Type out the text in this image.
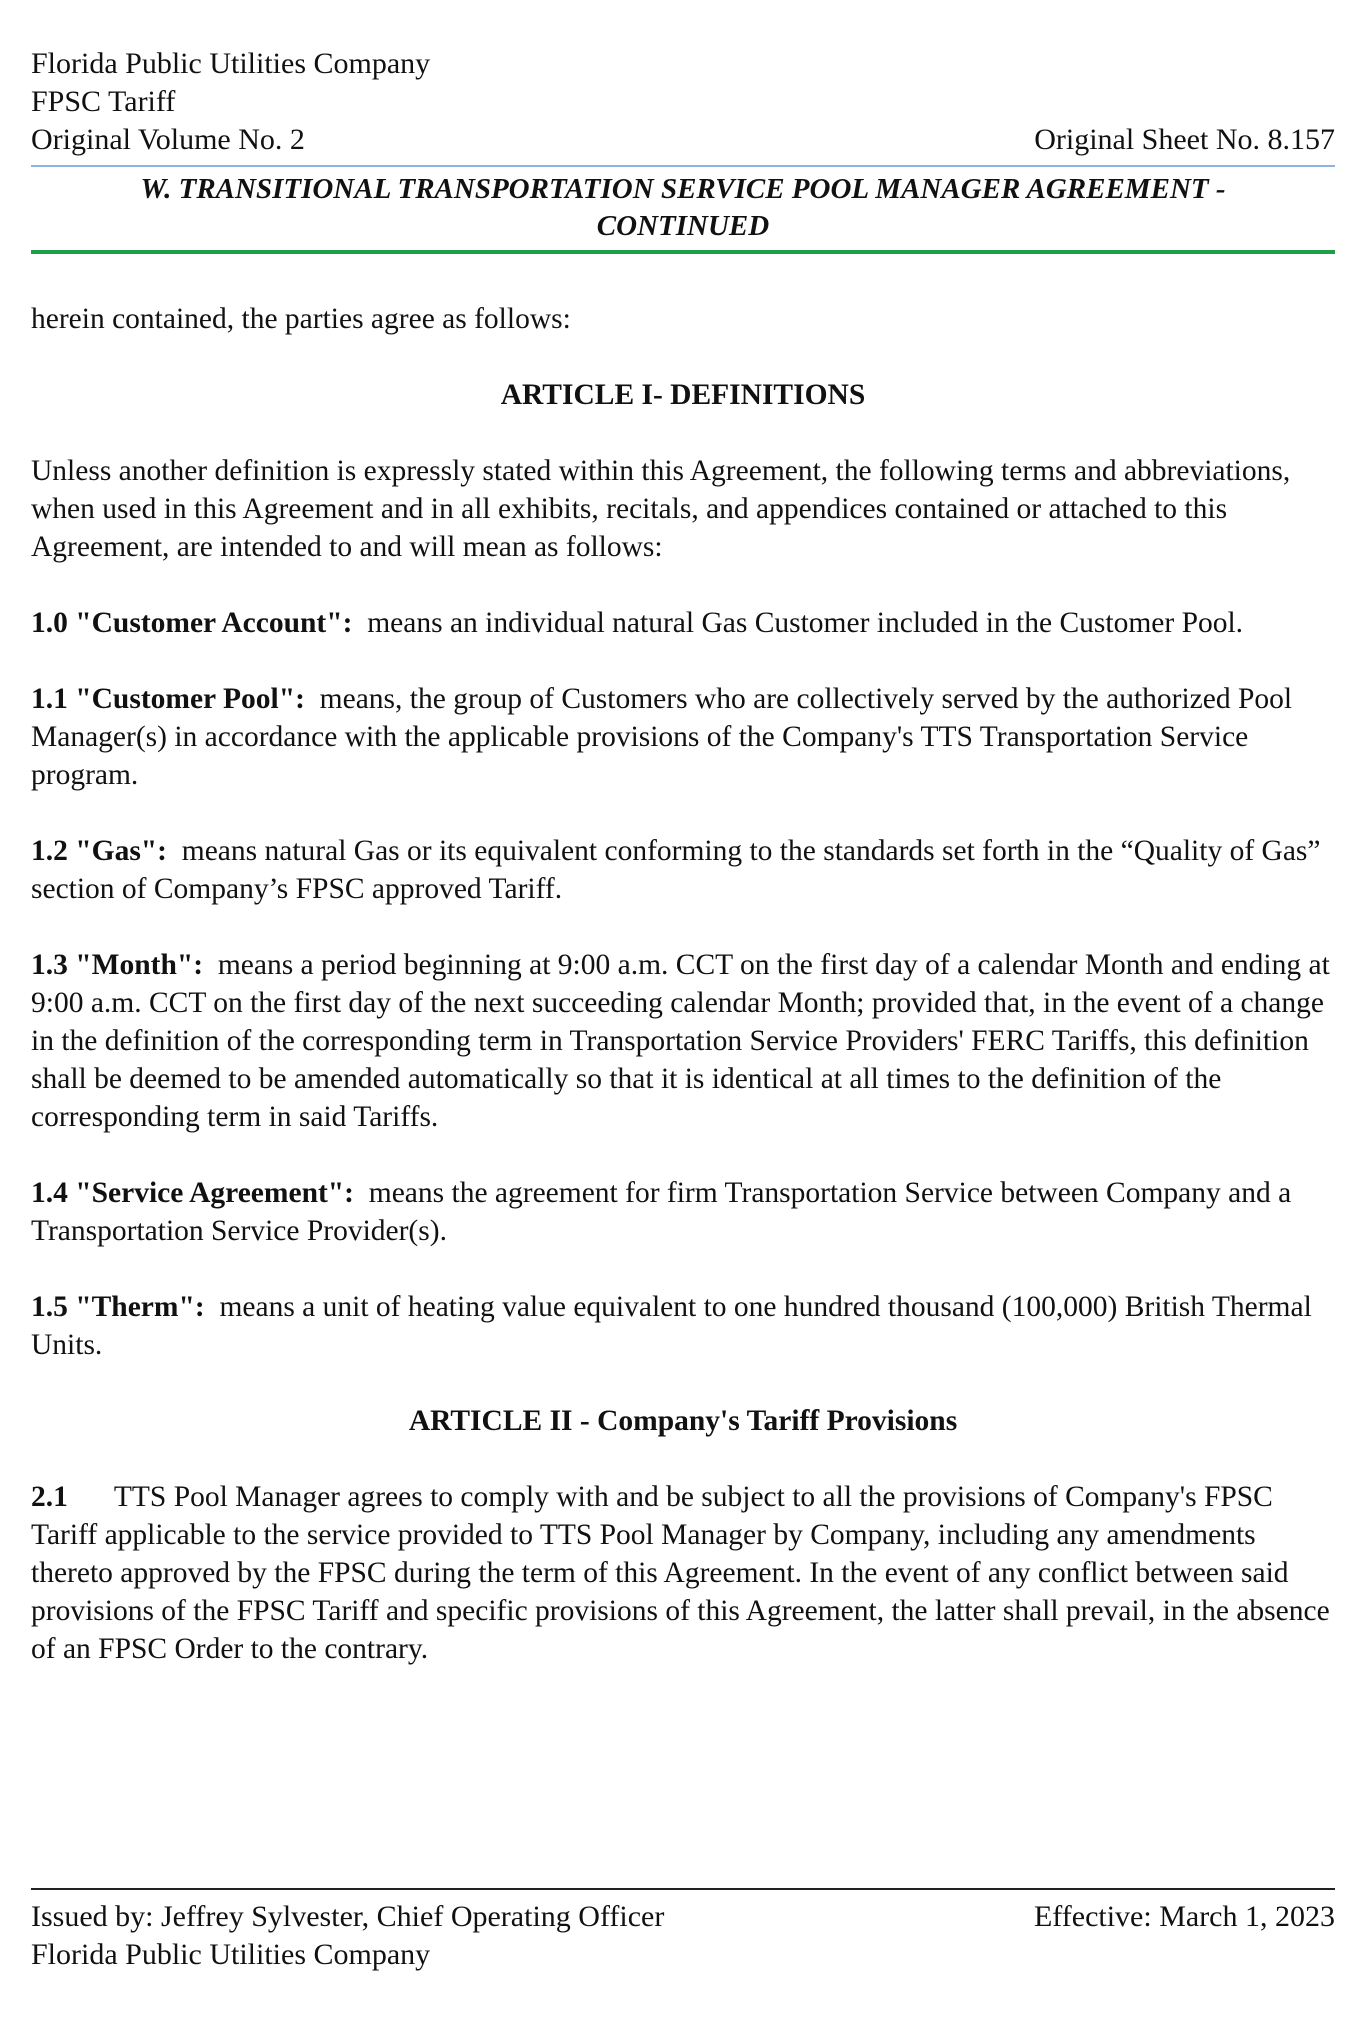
Florida Public Utilities Company
FPSC Tariff
Original Volume No. 2	Original Sheet No. 8.157
W. TRANSITIONAL TRANSPORTATION SERVICE POOL MANAGER AGREEMENT -
CONTINUED

herein contained, the parties agree as follows:

ARTICLE I- DEFINITIONS

Unless another definition is expressly stated within this Agreement, the following terms and abbreviations, when used in this Agreement and in all exhibits, recitals, and appendices contained or attached to this Agreement, are intended to and will mean as follows:

1.0 "Customer Account": means an individual natural Gas Customer included in the Customer Pool.

1.1 "Customer Pool": means, the group of Customers who are collectively served by the authorized Pool Manager(s) in accordance with the applicable provisions of the Company's TTS Transportation Service program.

1.2 "Gas": means natural Gas or its equivalent conforming to the standards set forth in the “Quality of Gas” section of Company’s FPSC approved Tariff.

1.3 "Month": means a period beginning at 9:00 a.m. CCT on the first day of a calendar Month and ending at 9:00 a.m. CCT on the first day of the next succeeding calendar Month; provided that, in the event of a change in the definition of the corresponding term in Transportation Service Providers' FERC Tariffs, this definition shall be deemed to be amended automatically so that it is identical at all times to the definition of the corresponding term in said Tariffs.

1.4 "Service Agreement": means the agreement for firm Transportation Service between Company and a Transportation Service Provider(s).

1.5 "Therm": means a unit of heating value equivalent to one hundred thousand (100,000) British Thermal Units.

ARTICLE II - Company's Tariff Provisions

2.1 TTS Pool Manager agrees to comply with and be subject to all the provisions of Company's FPSC Tariff applicable to the service provided to TTS Pool Manager by Company, including any amendments thereto approved by the FPSC during the term of this Agreement. In the event of any conflict between said provisions of the FPSC Tariff and specific provisions of this Agreement, the latter shall prevail, in the absence of an FPSC Order to the contrary.

Issued by: Jeffrey Sylvester, Chief Operating Officer	Effective: March 1, 2023
Florida Public Utilities Company
